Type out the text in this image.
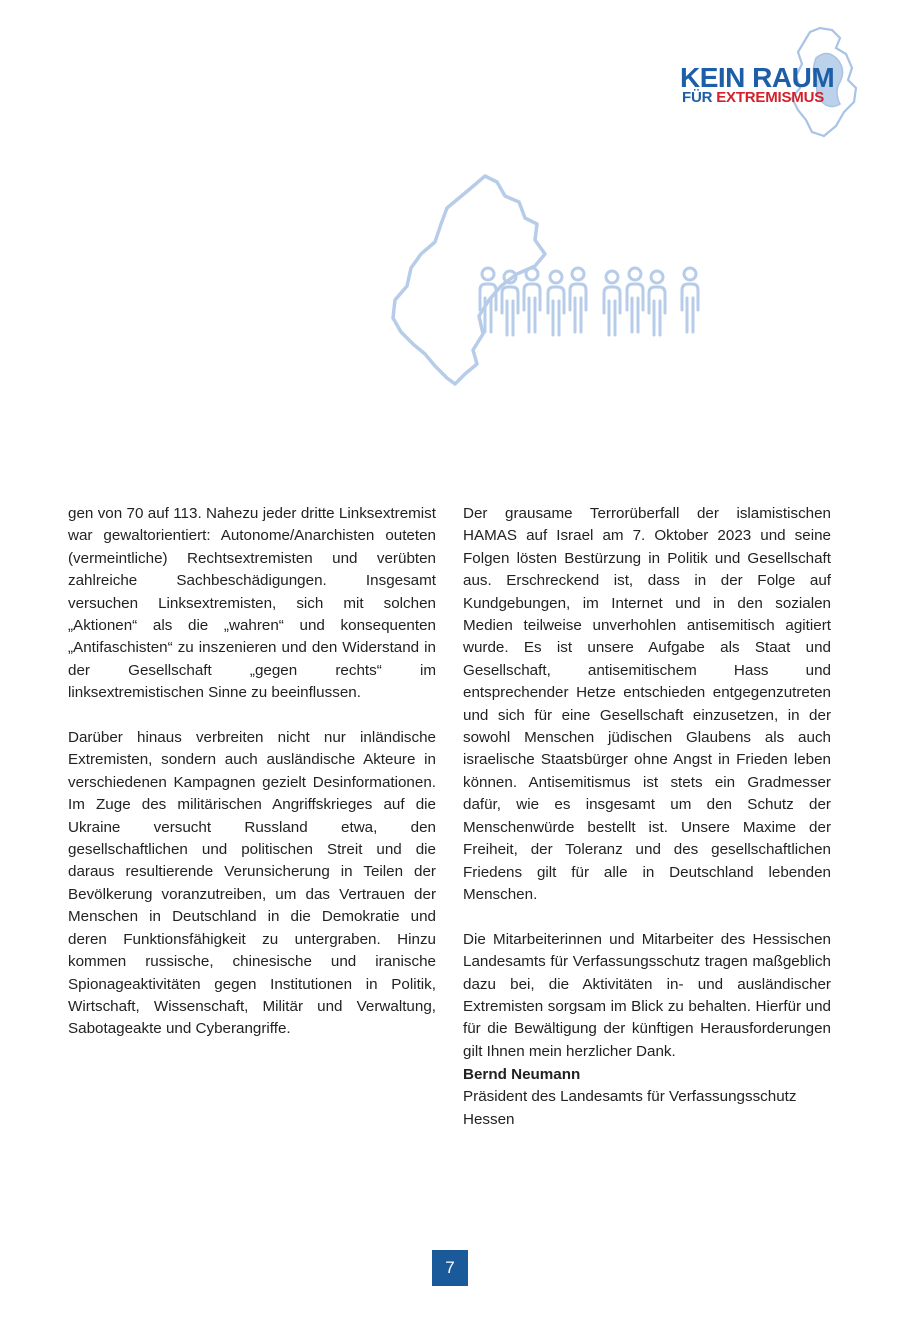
KEIN RAUM
FÜR EXTREMISMUS

gen von 70 auf 113. Nahezu jeder dritte Linksextremist war gewaltorientiert: Autonome/Anarchisten outeten (vermeintliche) Rechtsextremisten und verübten zahlreiche Sachbeschädigungen. Insgesamt versuchen Linksextremisten, sich mit solchen „Aktionen“ als die „wahren“ und konsequenten „Antifaschisten“ zu inszenieren und den Widerstand in der Gesellschaft „gegen rechts“ im linksextremistischen Sinne zu beeinflussen.

Darüber hinaus verbreiten nicht nur inländische Extremisten, sondern auch ausländische Akteure in verschiedenen Kampagnen gezielt Desinformationen. Im Zuge des militärischen Angriffskrieges auf die Ukraine versucht Russland etwa, den gesellschaftlichen und politischen Streit und die daraus resultierende Verunsicherung in Teilen der Bevölkerung voranzutreiben, um das Vertrauen der Menschen in Deutschland in die Demokratie und deren Funktionsfähigkeit zu untergraben. Hinzu kommen russische, chinesische und iranische Spionageaktivitäten gegen Institutionen in Politik, Wirtschaft, Wissenschaft, Militär und Verwaltung, Sabotageakte und Cyberangriffe.

Der grausame Terrorüberfall der islamistischen HAMAS auf Israel am 7. Oktober 2023 und seine Folgen lösten Bestürzung in Politik und Gesellschaft aus. Erschreckend ist, dass in der Folge auf Kundgebungen, im Internet und in den sozialen Medien teilweise unverhohlen antisemitisch agitiert wurde. Es ist unsere Aufgabe als Staat und Gesellschaft, antisemitischem Hass und entsprechender Hetze entschieden entgegenzutreten und sich für eine Gesellschaft einzusetzen, in der sowohl Menschen jüdischen Glaubens als auch israelische Staatsbürger ohne Angst in Frieden leben können. Antisemitismus ist stets ein Gradmesser dafür, wie es insgesamt um den Schutz der Menschenwürde bestellt ist. Unsere Maxime der Freiheit, der Toleranz und des gesellschaftlichen Friedens gilt für alle in Deutschland lebenden Menschen.

Die Mitarbeiterinnen und Mitarbeiter des Hessischen Landesamts für Verfassungsschutz tragen maßgeblich dazu bei, die Aktivitäten in- und ausländischer Extremisten sorgsam im Blick zu behalten. Hierfür und für die Bewältigung der künftigen Herausforderungen gilt Ihnen mein herzlicher Dank.

Bernd Neumann
Präsident des Landesamts für Verfassungsschutz
Hessen
7
